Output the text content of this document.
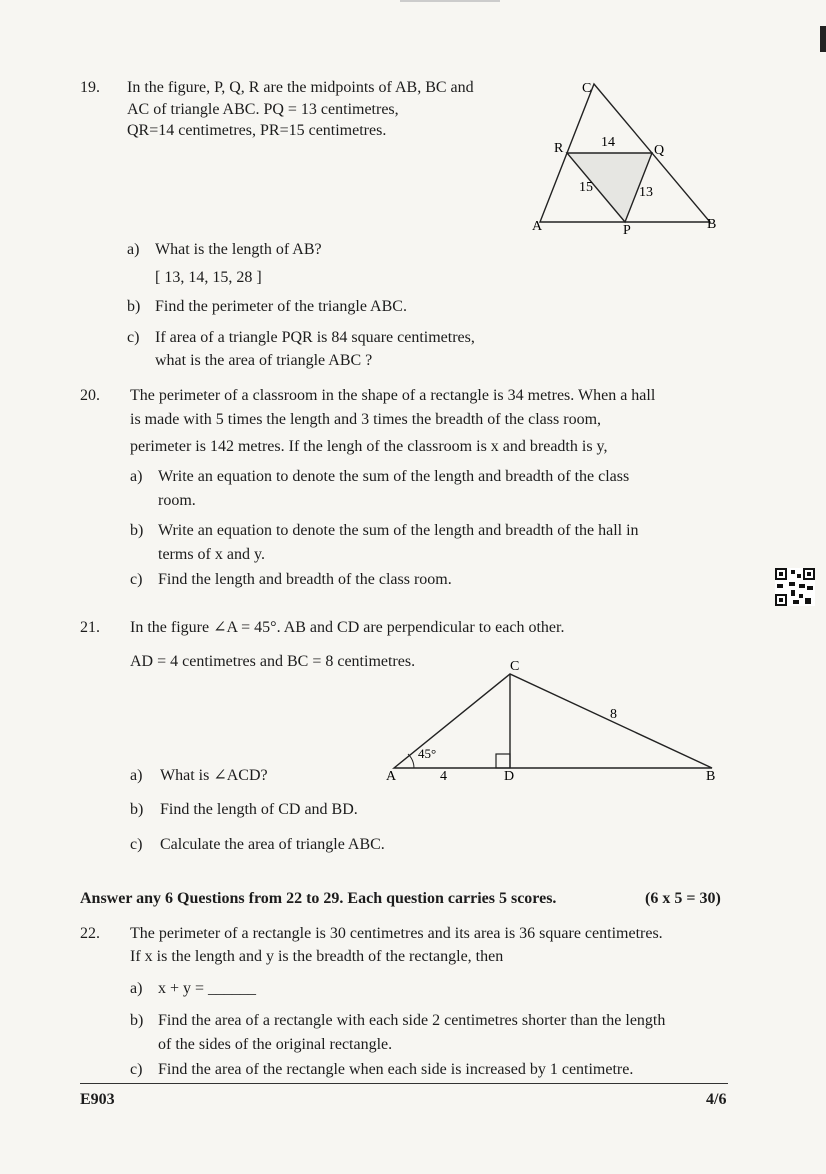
19. In the figure, P, Q, R are the midpoints of AB, BC and
AC of triangle ABC. PQ = 13 centimetres,
QR=14 centimetres, PR=15 centimetres.
C
R	Q
A	P	B
14
15	13
a) What is the length of AB?
[ 13, 14, 15, 28 ]
b) Find the perimeter of the triangle ABC.
c) If area of a triangle PQR is 84 square centimetres,
what is the area of triangle ABC ?
20. The perimeter of a classroom in the shape of a rectangle is 34 metres. When a hall
is made with 5 times the length and 3 times the breadth of the class room,
perimeter is 142 metres. If the lengh of the classroom is x and breadth is y,
a) Write an equation to denote the sum of the length and breadth of the class
room.
b) Write an equation to denote the sum of the length and breadth of the hall in
terms of x and y.
c) Find the length and breadth of the class room.
21. In the figure ∠A = 45°. AB and CD are perpendicular to each other.
AD = 4 centimetres and BC = 8 centimetres.	C
A	D	B
45°
4
8
a) What is ∠ACD?
b) Find the length of CD and BD.
c) Calculate the area of triangle ABC.
Answer any 6 Questions from 22 to 29. Each question carries 5 scores.	(6 x 5 = 30)
22. The perimeter of a rectangle is 30 centimetres and its area is 36 square centimetres.
If x is the length and y is the breadth of the rectangle, then
a) x + y = ______
b) Find the area of a rectangle with each side 2 centimetres shorter than the length
of the sides of the original rectangle.
c) Find the area of the rectangle when each side is increased by 1 centimetre.
E903	4/6
